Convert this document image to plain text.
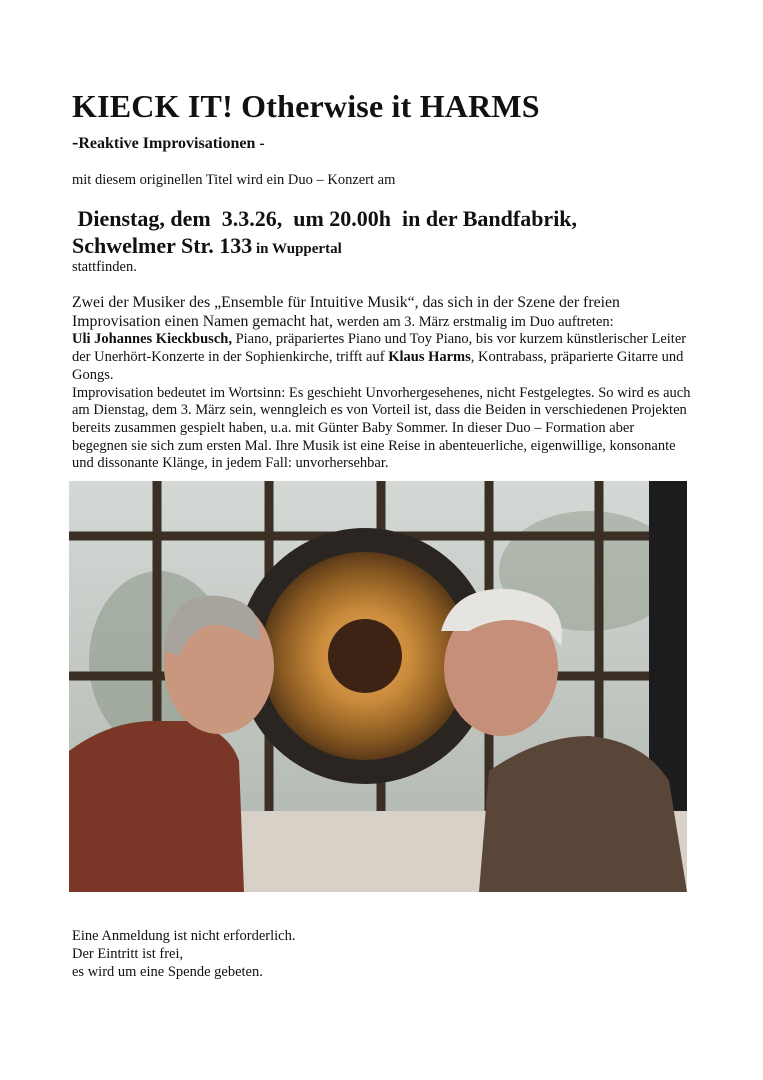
KIECK IT! Otherwise it HARMS

-Reaktive Improvisationen -

mit diesem originellen Titel wird ein Duo – Konzert am

Dienstag, dem  3.3.26,  um 20.00h  in der Bandfabrik,

Schwelmer Str. 133 in Wuppertal

stattfinden.

Zwei der Musiker des „Ensemble für Intuitive Musik“, das sich in der Szene der freien Improvisation einen Namen gemacht hat, werden am 3. März erstmalig im Duo auftreten:
Uli Johannes Kieckbusch, Piano, präpariertes Piano und Toy Piano, bis vor kurzem künstlerischer Leiter der Unerhört-Konzerte in der Sophienkirche, trifft auf Klaus Harms, Kontrabass, präparierte Gitarre und Gongs.
Improvisation bedeutet im Wortsinn: Es geschieht Unvorhergesehenes, nicht Festgelegtes. So wird es auch am Dienstag, dem 3. März sein, wenngleich es von Vorteil ist, dass die Beiden in verschiedenen Projekten bereits zusammen gespielt haben, u.a. mit Günter Baby Sommer. In dieser Duo – Formation aber begegnen sie sich zum ersten Mal. Ihre Musik ist eine Reise in abenteuerliche, eigenwillige, konsonante und dissonante Klänge, in jedem Fall: unvorhersehbar.
Eine Anmeldung ist nicht erforderlich.
Der Eintritt ist frei,
es wird um eine Spende gebeten.
